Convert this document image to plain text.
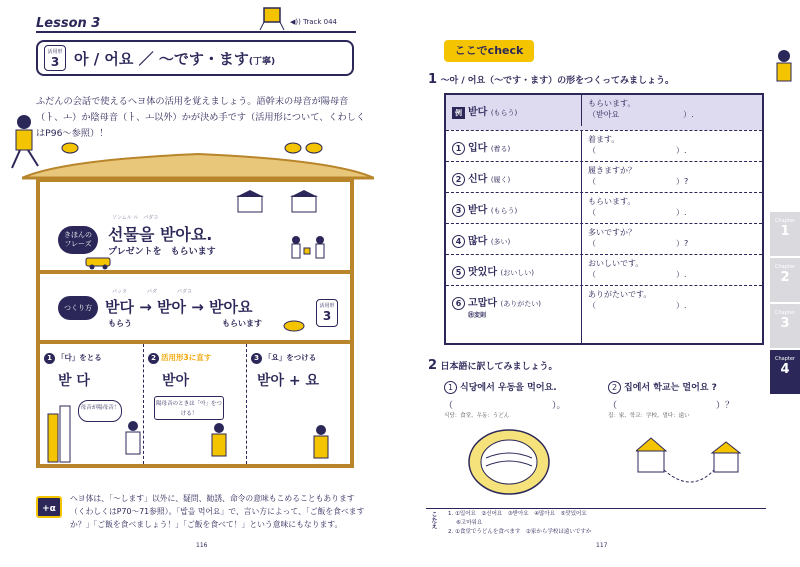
Lesson 3	◀)) Track 044
活用形
3 아 / 어요 ／ ～です・ます(丁寧)
ふだんの会話で使えるヘヨ体の活用を覚えましょう。語幹末の母音が陽母音（ㅏ、ㅗ）か陰母音（ㅏ、ㅗ以外）かが決め手です（活用形について、くわしくはP96～参照）！
きほんのフレーズ
ソンムル ル　パダヨ
선물을 받아요.
プレゼントを　もらいます
つくり方
パッタ　　　　パダ　　　　パダヨ
받다 → 받아 → 받아요
もらう	もらいます
活用形
3
1 「다」をとる
받 다
2 活用形3に直す
받아
陽母音のときは「아」をつける！
3 「요」をつける
받아 + 요
母音が陽母音！
+α
ヘヨ体は、「～します」以外に、疑問、勧誘、命令の意味もこめることもあります（くわしくはP70～71参照）。「밥을 먹어요」で、言い方によって、「ご飯を食べますか？」「ご飯を食べましょう！」「ご飯を食べて！」という意味にもなります。
116
ここでcheck
1 ～아 / 어요（～です・ます）の形をつくってみましょう。
例 받다 (もらう)
もらいます。
（받아요　　　　　　　　）.
1 입다 (着る)
着ます。
（　　　　　　　　　　）.
2 신다 (履く)
履きますか？
（　　　　　　　　　　）?
3 받다 (もらう)
もらいます。
（　　　　　　　　　　）.
4 많다 (多い)
多いですか？
（　　　　　　　　　　）?
5 맛있다 (おいしい)
おいしいです。
（　　　　　　　　　　）.
6 고맙다 (ありがたい)
㊟変則
ありがたいです。
（　　　　　　　　　　）.
2 日本語に訳してみましょう。
1 식당에서 우동을 먹어요.
（　　　　　　　　　　　）。
식당：食堂、우동：うどん
2 집에서 학교는 멀어요 ?
（　　　　　　　　　　　）？
집：家、학교：学校、멀다：遠い
こたえ 1. ①입어요　②신어요　③받아요　④많아요　⑤맛있어요
⑥고마워요
2. ①食堂でうどんを食べます　②家から学校は遠いですか
117
Chapter
1
Chapter
2
Chapter
3
Chapter
4
